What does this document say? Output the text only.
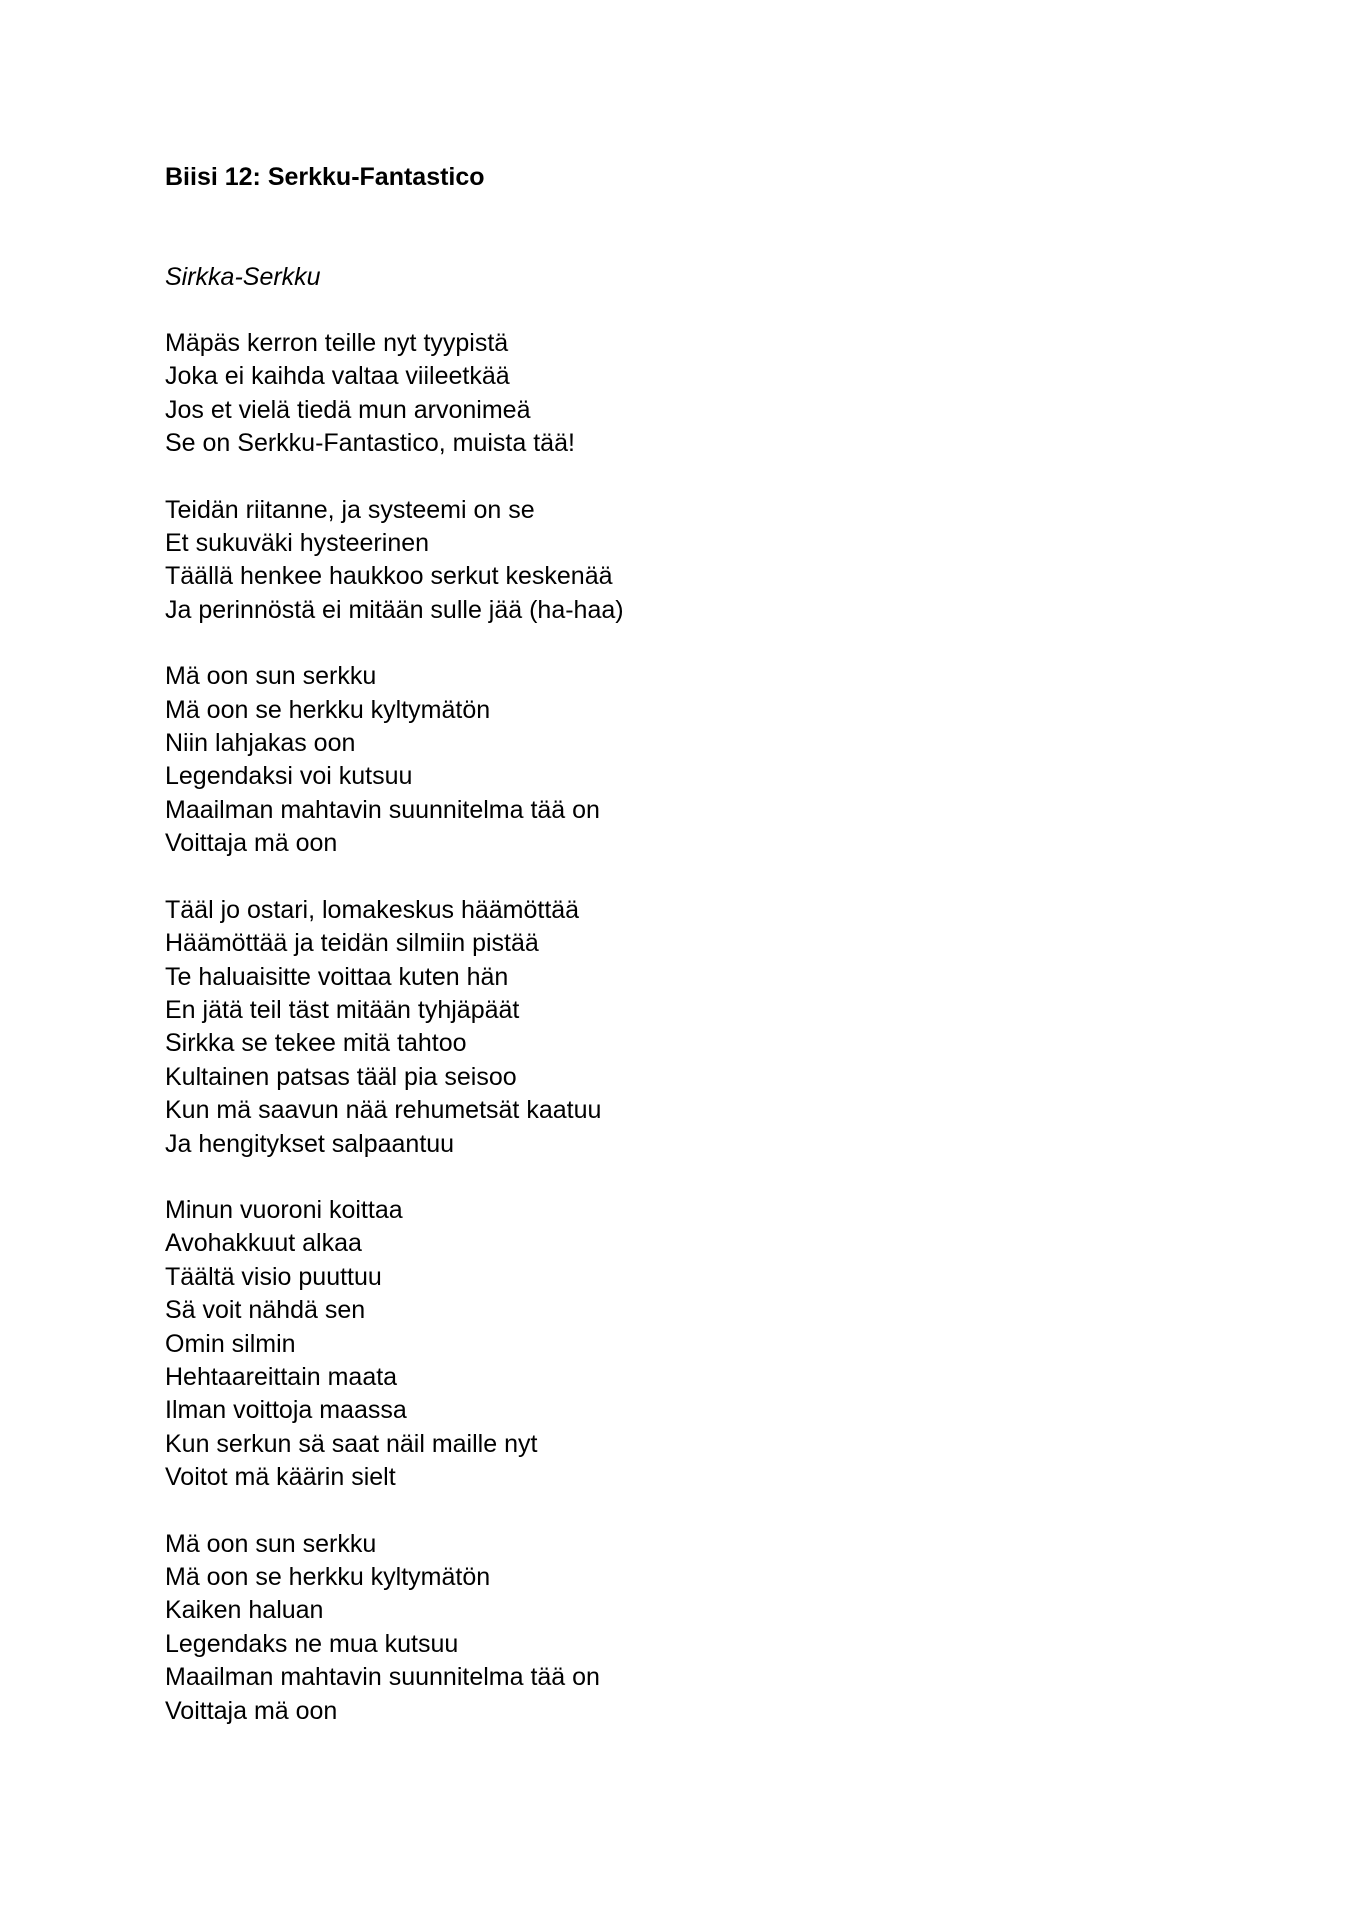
Biisi 12: Serkku-Fantastico

Sirkka-Serkku

Mäpäs kerron teille nyt tyypistä
Joka ei kaihda valtaa viileetkää
Jos et vielä tiedä mun arvonimeä
Se on Serkku-Fantastico, muista tää!
Teidän riitanne, ja systeemi on se
Et sukuväki hysteerinen
Täällä henkee haukkoo serkut keskenää
Ja perinnöstä ei mitään sulle jää (ha-haa)
Mä oon sun serkku
Mä oon se herkku kyltymätön
Niin lahjakas oon
Legendaksi voi kutsuu
Maailman mahtavin suunnitelma tää on
Voittaja mä oon
Tääl jo ostari, lomakeskus häämöttää
Häämöttää ja teidän silmiin pistää
Te haluaisitte voittaa kuten hän
En jätä teil täst mitään tyhjäpäät
Sirkka se tekee mitä tahtoo
Kultainen patsas tääl pia seisoo
Kun mä saavun nää rehumetsät kaatuu
Ja hengitykset salpaantuu
Minun vuoroni koittaa
Avohakkuut alkaa
Täältä visio puuttuu
Sä voit nähdä sen
Omin silmin
Hehtaareittain maata
Ilman voittoja maassa
Kun serkun sä saat näil maille nyt
Voitot mä käärin sielt
Mä oon sun serkku
Mä oon se herkku kyltymätön
Kaiken haluan
Legendaks ne mua kutsuu
Maailman mahtavin suunnitelma tää on
Voittaja mä oon
